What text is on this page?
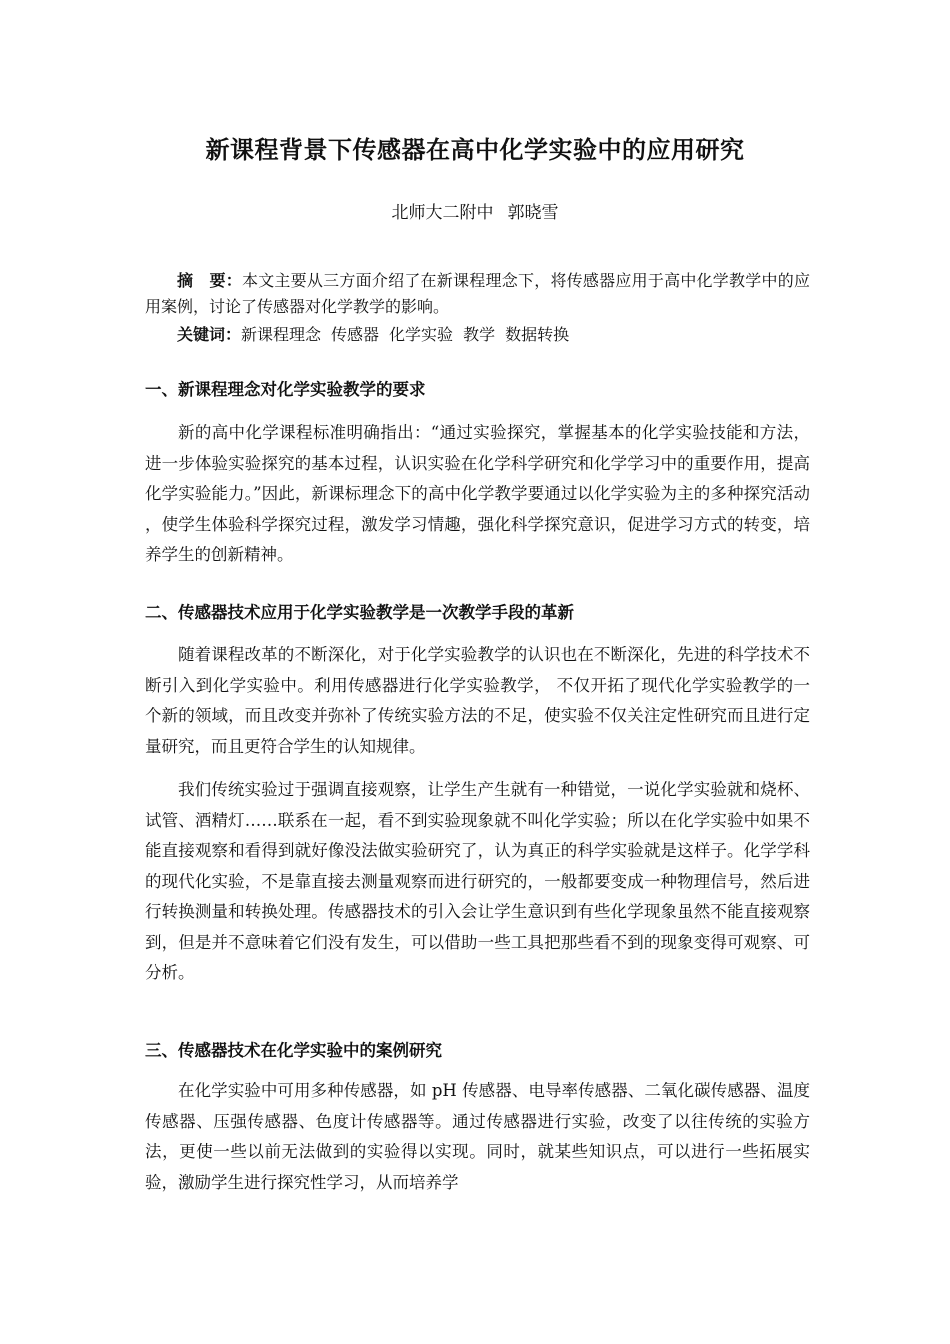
新课程背景下传感器在高中化学实验中的应用研究
北师大二附中 郭晓雪

摘　要：本文主要从三方面介绍了在新课程理念下，将传感器应用于高中化学教学中的应用案例，讨论了传感器对化学教学的影响。

关键词：新课程理念 传感器 化学实验 教学 数据转换

一、新课程理念对化学实验教学的要求

新的高中化学课程标准明确指出：“通过实验探究，掌握基本的化学实验技能和方法，进一步体验实验探究的基本过程，认识实验在化学科学研究和化学学习中的重要作用，提高化学实验能力。”因此，新课标理念下的高中化学教学要通过以化学实验为主的多种探究活动 ，使学生体验科学探究过程，激发学习情趣，强化科学探究意识，促进学习方式的转变，培养学生的创新精神。

二、传感器技术应用于化学实验教学是一次教学手段的革新

随着课程改革的不断深化，对于化学实验教学的认识也在不断深化，先进的科学技术不断引入到化学实验中。利用传感器进行化学实验教学， 不仅开拓了现代化学实验教学的一个新的领域，而且改变并弥补了传统实验方法的不足，使实验不仅关注定性研究而且进行定量研究，而且更符合学生的认知规律。

我们传统实验过于强调直接观察，让学生产生就有一种错觉，一说化学实验就和烧杯、试管、酒精灯……联系在一起，看不到实验现象就不叫化学实验；所以在化学实验中如果不能直接观察和看得到就好像没法做实验研究了，认为真正的科学实验就是这样子。化学学科的现代化实验，不是靠直接去测量观察而进行研究的，一般都要变成一种物理信号，然后进行转换测量和转换处理。传感器技术的引入会让学生意识到有些化学现象虽然不能直接观察到，但是并不意味着它们没有发生，可以借助一些工具把那些看不到的现象变得可观察、可分析。

三、传感器技术在化学实验中的案例研究

在化学实验中可用多种传感器，如 pH 传感器、电导率传感器、二氧化碳传感器、温度传感器、压强传感器、色度计传感器等。通过传感器进行实验，改变了以往传统的实验方法，更使一些以前无法做到的实验得以实现。同时，就某些知识点，可以进行一些拓展实验，激励学生进行探究性学习，从而培养学
